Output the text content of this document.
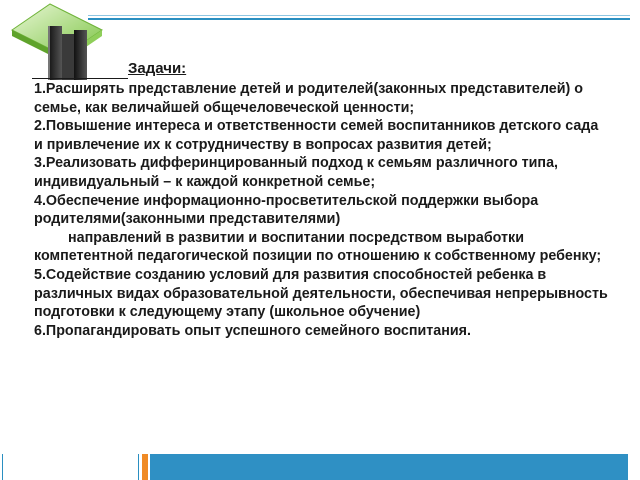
Задачи:

1.Расширять представление детей и родителей(законных представителей) о семье, как величайшей общечеловеческой ценности;

2.Повышение интереса и ответственности семей воспитанников детского сада и привлечение их к сотрудничеству в вопросах развития детей;

3.Реализовать дифферинцированный подход к семьям различного типа, индивидуальный – к каждой конкретной семье;

4.Обеспечение информационно-просветительской поддержки выбора родителями(законными представителями)
направлений в развитии и воспитании посредством выработки компетентной педагогической позиции по отношению к собственному ребенку;

5.Содействие созданию условий для развития способностей ребенка в различных видах образовательной деятельности, обеспечивая непрерывность подготовки к следующему этапу (школьное обучение)

6.Пропагандировать опыт успешного семейного воспитания.
